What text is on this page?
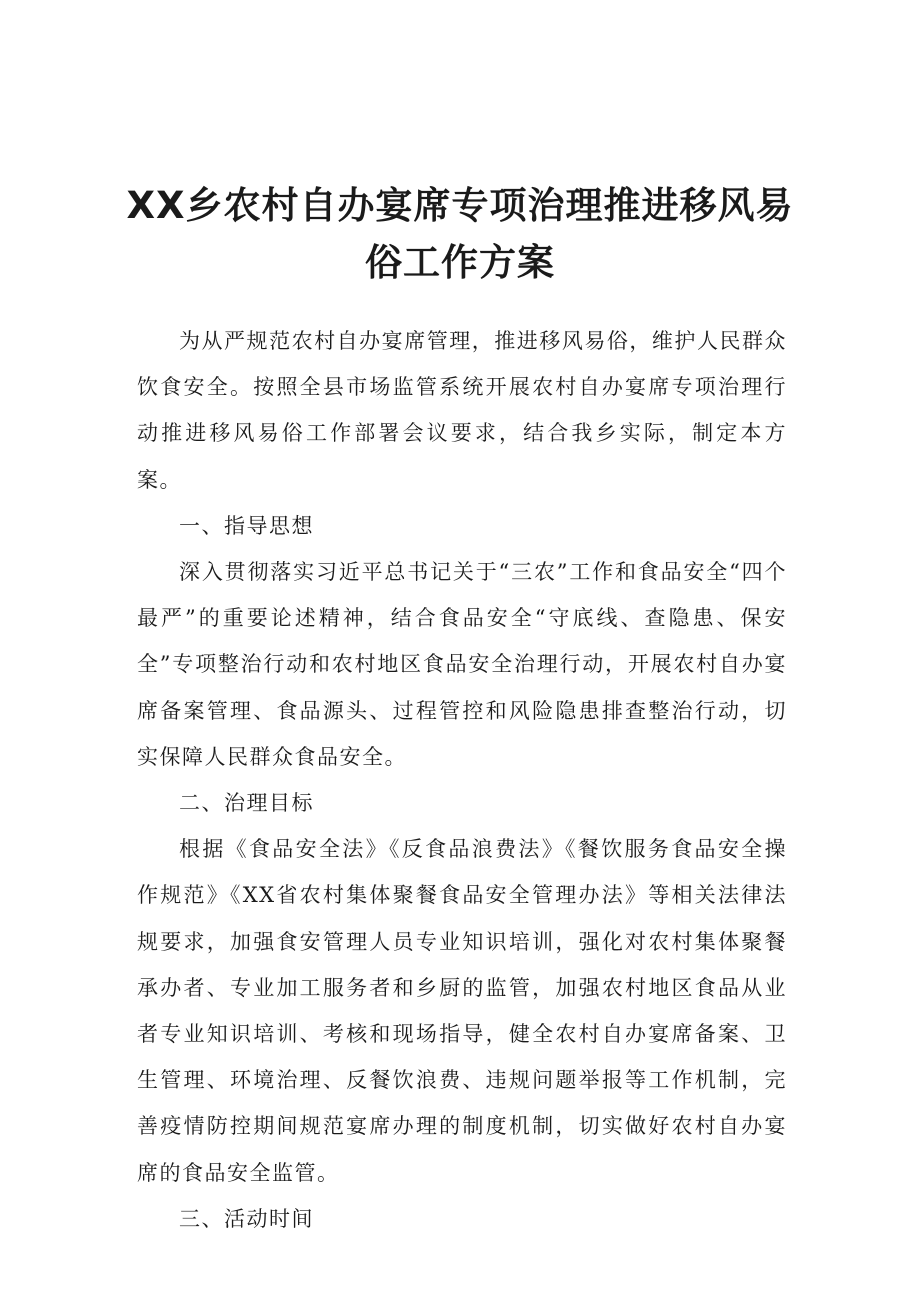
XX乡农村自办宴席专项治理推进移风易
俗工作方案

为从严规范农村自办宴席管理，推进移风易俗，维护人民群众饮食安全。按照全县市场监管系统开展农村自办宴席专项治理行动推进移风易俗工作部署会议要求，结合我乡实际，制定本方案。

一、指导思想

深入贯彻落实习近平总书记关于“三农”工作和食品安全“四个最严”的重要论述精神，结合食品安全“守底线、查隐患、保安全”专项整治行动和农村地区食品安全治理行动，开展农村自办宴席备案管理、食品源头、过程管控和风险隐患排查整治行动，切实保障人民群众食品安全。

二、治理目标

根据《食品安全法》《反食品浪费法》《餐饮服务食品安全操作规范》《XX省农村集体聚餐食品安全管理办法》等相关法律法规要求，加强食安管理人员专业知识培训，强化对农村集体聚餐承办者、专业加工服务者和乡厨的监管，加强农村地区食品从业者专业知识培训、考核和现场指导，健全农村自办宴席备案、卫生管理、环境治理、反餐饮浪费、违规问题举报等工作机制，完善疫情防控期间规范宴席办理的制度机制，切实做好农村自办宴席的食品安全监管。

三、活动时间
